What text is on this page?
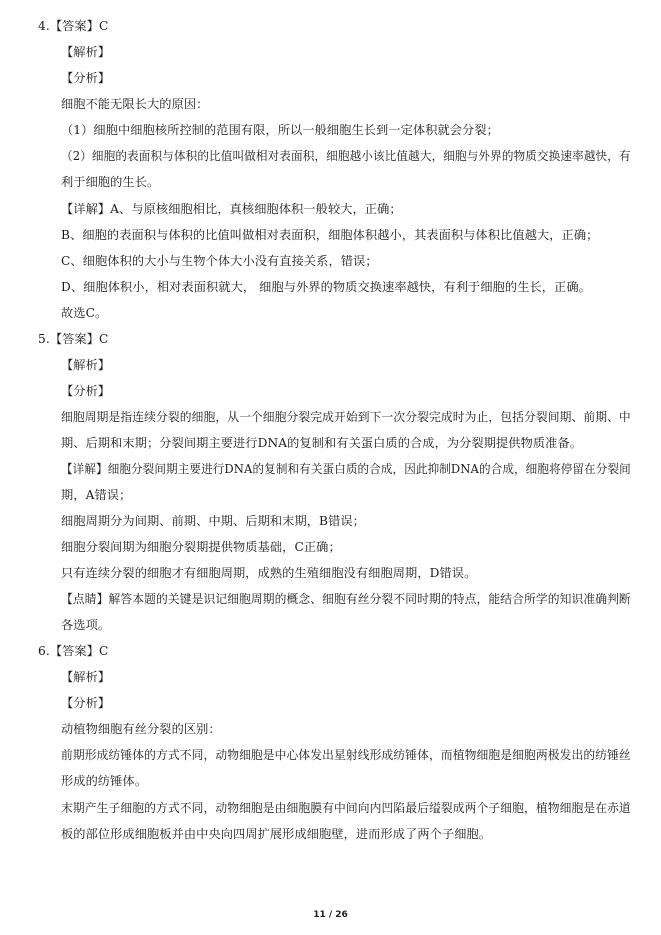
4.【答案】C
【解析】
【分析】
细胞不能无限长大的原因：
（1）细胞中细胞核所控制的范围有限，所以一般细胞生长到一定体积就会分裂；
（2）细胞的表面积与体积的比值叫做相对表面积，细胞越小该比值越大，细胞与外界的物质交换速率越快，有
利于细胞的生长。
【详解】A、与原核细胞相比，真核细胞体积一般较大，正确；
B、细胞的表面积与体积的比值叫做相对表面积，细胞体积越小，其表面积与体积比值越大，正确；
C、细胞体积的大小与生物个体大小没有直接关系，错误；
D、细胞体积小，相对表面积就大， 细胞与外界的物质交换速率越快，有利于细胞的生长，正确。
故选C。
5.【答案】C
【解析】
【分析】
细胞周期是指连续分裂的细胞，从一个细胞分裂完成开始到下一次分裂完成时为止，包括分裂间期、前期、中
期、后期和末期；分裂间期主要进行DNA的复制和有关蛋白质的合成，为分裂期提供物质准备。
【详解】细胞分裂间期主要进行DNA的复制和有关蛋白质的合成，因此抑制DNA的合成，细胞将停留在分裂间
期，A错误；
细胞周期分为间期、前期、中期、后期和末期，B错误；
细胞分裂间期为细胞分裂期提供物质基础，C正确；
只有连续分裂的细胞才有细胞周期，成熟的生殖细胞没有细胞周期，D错误。
【点睛】解答本题的关键是识记细胞周期的概念、细胞有丝分裂不同时期的特点，能结合所学的知识准确判断
各选项。
6.【答案】C
【解析】
【分析】
动植物细胞有丝分裂的区别：
前期形成纺锤体的方式不同，动物细胞是中心体发出星射线形成纺锤体，而植物细胞是细胞两极发出的纺锤丝
形成的纺锤体。
末期产生子细胞的方式不同，动物细胞是由细胞膜有中间向内凹陷最后缢裂成两个子细胞，植物细胞是在赤道
板的部位形成细胞板并由中央向四周扩展形成细胞壁，进而形成了两个子细胞。
11 / 26
